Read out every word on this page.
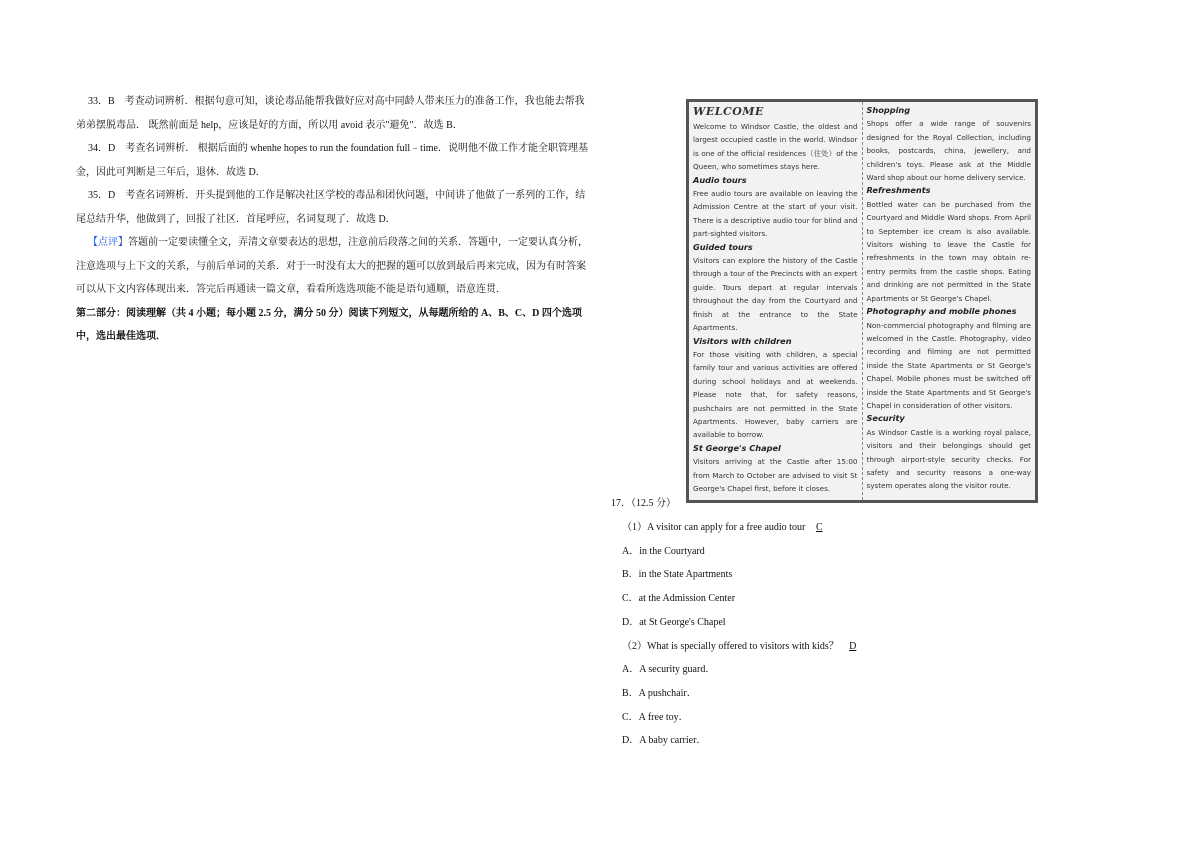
33．B　考查动词辨析．根据句意可知，谈论毒品能帮我做好应对高中同龄人带来压力的准备工作，我也能去帮我弟弟摆脱毒品． 既然前面是 help，应该是好的方面，所以用 avoid 表示"避免"．故选 B．

34．D　考查名词辨析． 根据后面的 whenhe hopes to run the foundation full﹣time．说明他不做工作才能全职管理基金，因此可判断是三年后，退休．故选 D．

35．D　考查名词辨析．开头提到他的工作是解决社区学校的毒品和团伙问题，中间讲了他做了一系列的工作，结尾总结升华，他做到了，回报了社区．首尾呼应，名词复现了．故选 D．

【点评】答题前一定要读懂全文，弄清文章要表达的思想，注意前后段落之间的关系．答题中，一定要认真分析，注意选项与上下文的关系，与前后单词的关系．对于一时没有太大的把握的题可以放到最后再来完成，因为有时答案可以从下文内容体现出来．答完后再通读一篇文章，看看所选选项能不能是语句通顺，语意连贯．

第二部分：阅读理解（共 4 小题；每小题 2.5 分，满分 50 分）阅读下列短文，从每题所给的 A、B、C、D 四个选项中，选出最佳选项．

WELCOME

Welcome to Windsor Castle, the oldest and largest occupied castle in the world. Windsor is one of the official residences（住处）of the Queen, who sometimes stays here.

Audio tours

Free audio tours are available on leaving the Admission Centre at the start of your visit. There is a descriptive audio tour for blind and part-sighted visitors.

Guided tours

Visitors can explore the history of the Castle through a tour of the Precincts with an expert guide. Tours depart at regular intervals throughout the day from the Courtyard and finish at the entrance to the State Apartments.

Visitors with children

For those visiting with children, a special family tour and various activities are offered during school holidays and at weekends. Please note that, for safety reasons, pushchairs are not permitted in the State Apartments. However, baby carriers are available to borrow.

St George's Chapel

Visitors arriving at the Castle after 15:00 from March to October are advised to visit St George's Chapel first, before it closes.

Shopping

Shops offer a wide range of souvenirs designed for the Royal Collection, including books, postcards, china, jewellery, and children's toys. Please ask at the Middle Ward shop about our home delivery service.

Refreshments

Bottled water can be purchased from the Courtyard and Middle Ward shops. From April to September ice cream is also available. Visitors wishing to leave the Castle for refreshments in the town may obtain re-entry permits from the castle shops. Eating and drinking are not permitted in the State Apartments or St George's Chapel.

Photography and mobile phones

Non-commercial photography and filming are welcomed in the Castle. Photography, video recording and filming are not permitted inside the State Apartments or St George's Chapel. Mobile phones must be switched off inside the State Apartments and St George's Chapel in consideration of other visitors.

Security

As Windsor Castle is a working royal palace, visitors and their belongings should get through airport-style security checks. For safety and security reasons a one-way system operates along the visitor route.

17．（12.5 分）

（1）A visitor can apply for a free audio tour C

A．in the Courtyard

B．in the State Apartments

C．at the Admission Center

D．at St George's Chapel

（2）What is specially offered to visitors with kids？ D

A．A security guard．

B．A pushchair．

C．A free toy．

D．A baby carrier．
